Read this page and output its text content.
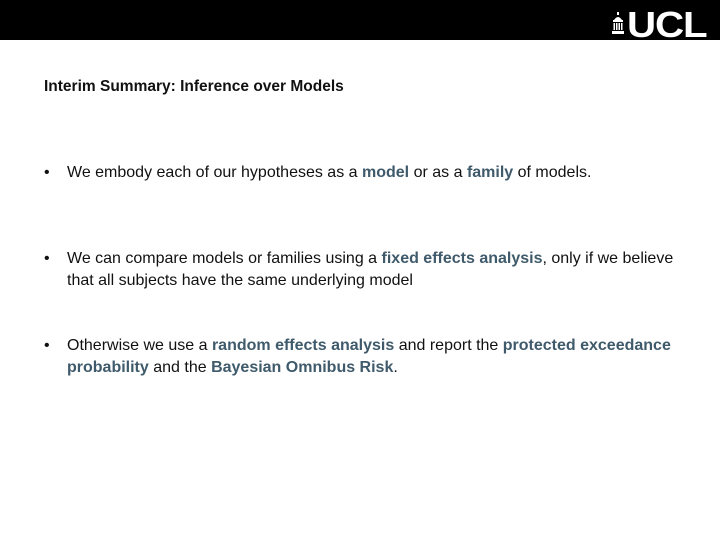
UCL
Interim Summary: Inference over Models
•	We embody each of our hypotheses as a model or as a family of models.
•	We can compare models or families using a fixed effects analysis, only if we believe that all subjects have the same underlying model
•	Otherwise we use a random effects analysis and report the protected exceedance probability and the Bayesian Omnibus Risk.
